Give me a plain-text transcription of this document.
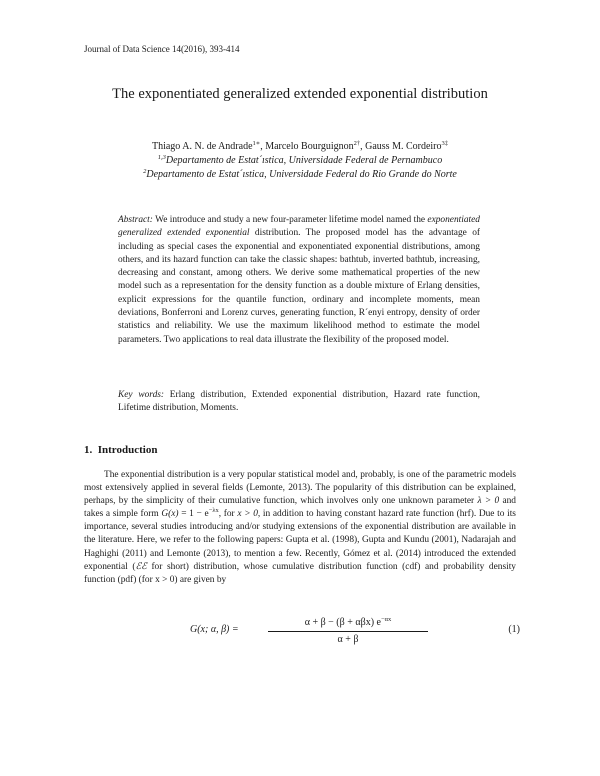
Journal of Data Science 14(2016), 393-414
The exponentiated generalized extended exponential distribution
Thiago A. N. de Andrade$^{1∗}$, Marcelo Bourguignon$^{2\dagger}$, Gauss M. Cordeiro$^{3\ddagger}$
$^{1,3}$Departamento de Estat´ıstica, Universidade Federal de Pernambuco
$^2$Departamento de Estat´ıstica, Universidade Federal do Rio Grande do Norte
Abstract: We introduce and study a new four-parameter lifetime model named the exponentiated generalized extended exponential distribution. The proposed model has the advantage of including as special cases the exponential and exponentiated exponential distributions, among others, and its hazard function can take the classic shapes: bathtub, inverted bathtub, increasing, decreasing and constant, among others. We derive some mathematical properties of the new model such as a representation for the density function as a double mixture of Erlang densities, explicit expressions for the quantile function, ordinary and incomplete moments, mean deviations, Bonferroni and Lorenz curves, generating function, R´enyi entropy, density of order statistics and reliability. We use the maximum likelihood method to estimate the model parameters. Two applications to real data illustrate the flexibility of the proposed model.
Key words: Erlang distribution, Extended exponential distribution, Hazard rate function, Lifetime distribution, Moments.
1. Introduction

The exponential distribution is a very popular statistical model and, probably, is one of the parametric models most extensively applied in several fields (Lemonte, 2013). The popularity of this distribution can be explained, perhaps, by the simplicity of their cumulative function, which involves only one unknown parameter λ > 0 and takes a simple form $G(x) = 1 - e^{-\lambda x}$, for x > 0, in addition to having constant hazard rate function (hrf). Due to its importance, several studies introducing and/or studying extensions of the exponential distribution are available in the literature. Here, we refer to the following papers: Gupta et al. (1998), Gupta and Kundu (2001), Nadarajah and Haghighi (2011) and Lemonte (2013), to mention a few. Recently, Gómez et al. (2014) introduced the extended exponential (ℰℰ for short) distribution, whose cumulative distribution function (cdf) and probability density function (pdf) (for x > 0) are given by

G(x; α, β) =
α + β − (β + αβx) $e^{-\alpha x}$
α + β
(1)
